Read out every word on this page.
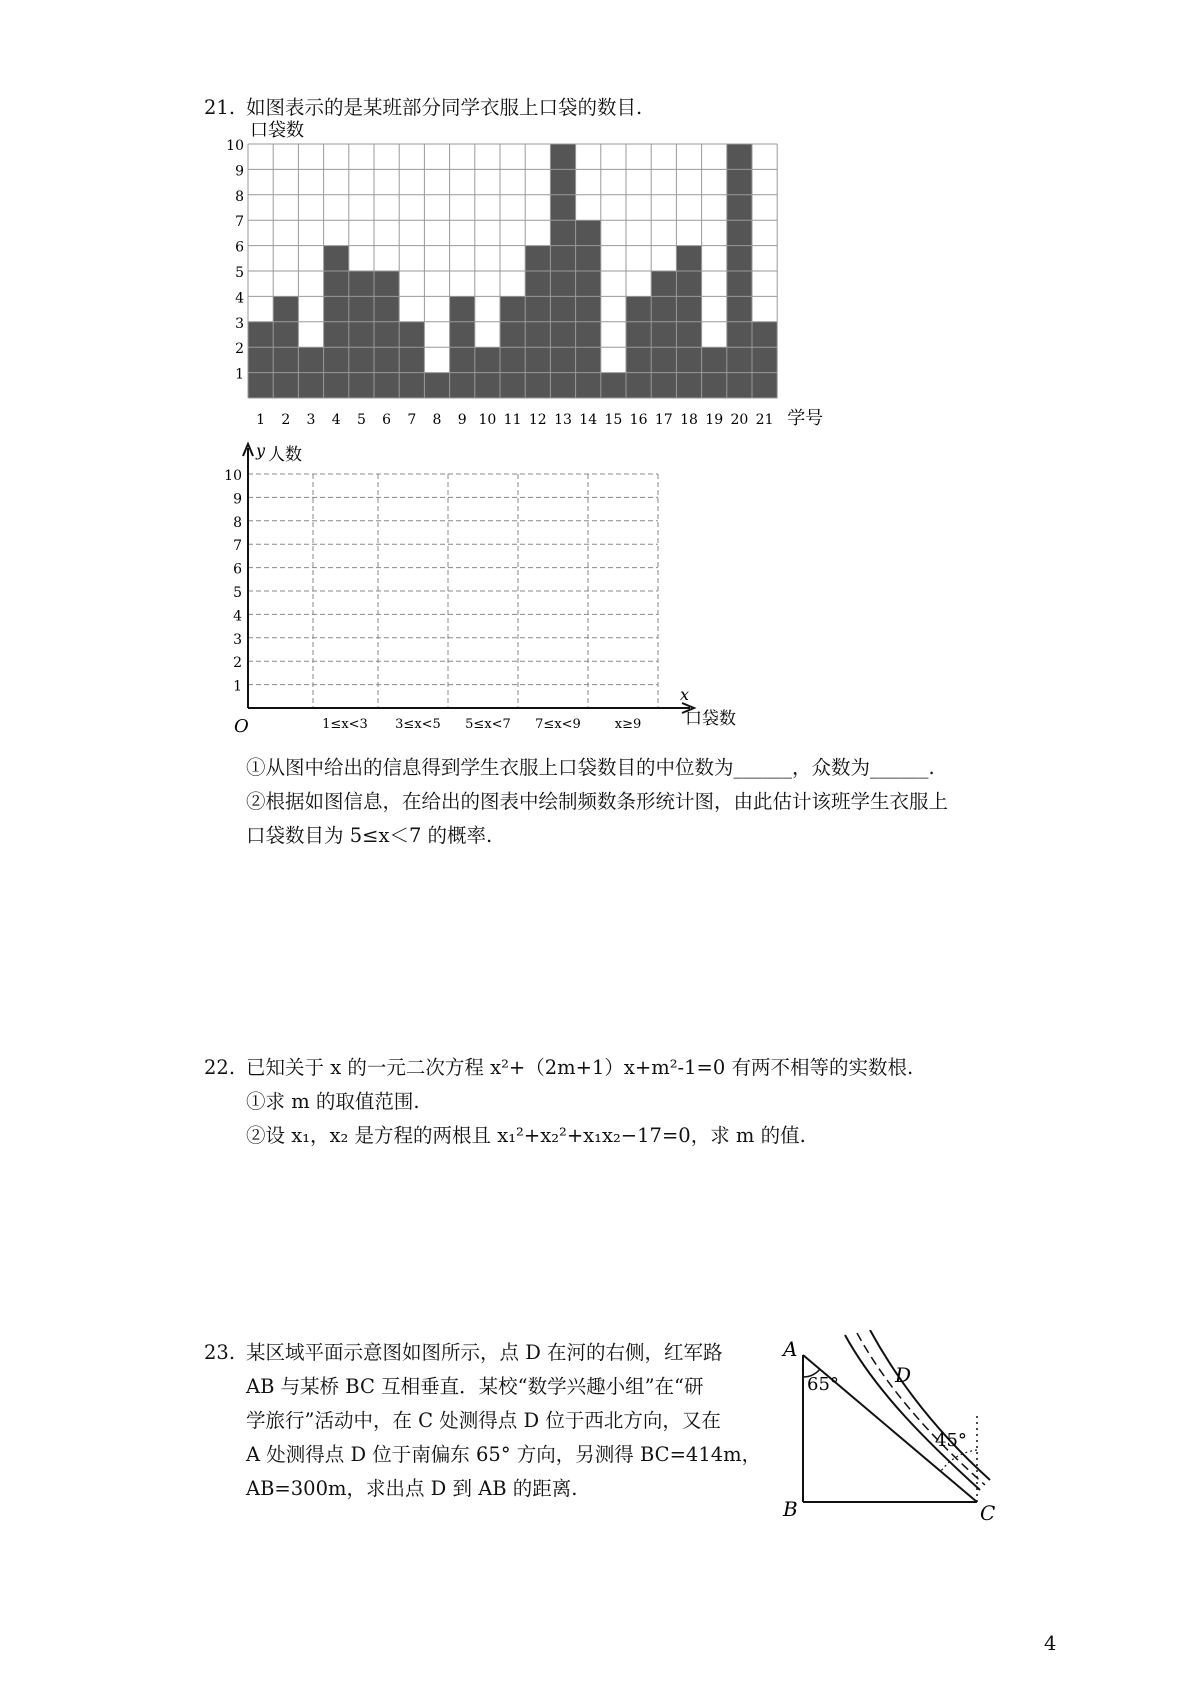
21. 如图表示的是某班部分同学衣服上口袋的数目.
口袋数
1
2
3
4
5
6
7
8
9
10
1 2 3 4 5 6 7 8 9 10 11 12 13 14 15 16 17 18 19 20 21 学号
y 人数
1
2
3
4
5
6
7
8
9
10
1≤x<3 3≤x<5 5≤x<7 7≤x<9	x≥9
O
x
口袋数
①从图中给出的信息得到学生衣服上口袋数目的中位数为______，众数为______.
②根据如图信息，在给出的图表中绘制频数条形统计图，由此估计该班学生衣服上
口袋数目为 5≤x＜7 的概率.
22. 已知关于 x 的一元二次方程 x²+（2m+1）x+m²-1=0 有两不相等的实数根.
①求 m 的取值范围.
②设 x₁，x₂ 是方程的两根且 x₁²+x₂²+x₁x₂−17=0，求 m 的值.
23. 某区域平面示意图如图所示，点 D 在河的右侧，红军路
AB 与某桥 BC 互相垂直．某校“数学兴趣小组”在“研
学旅行”活动中，在 C 处测得点 D 位于西北方向，又在
A 处测得点 D 位于南偏东 65° 方向，另测得 BC=414m，
AB=300m，求出点 D 到 AB 的距离.
A
B	C
D
65°
45°
4
